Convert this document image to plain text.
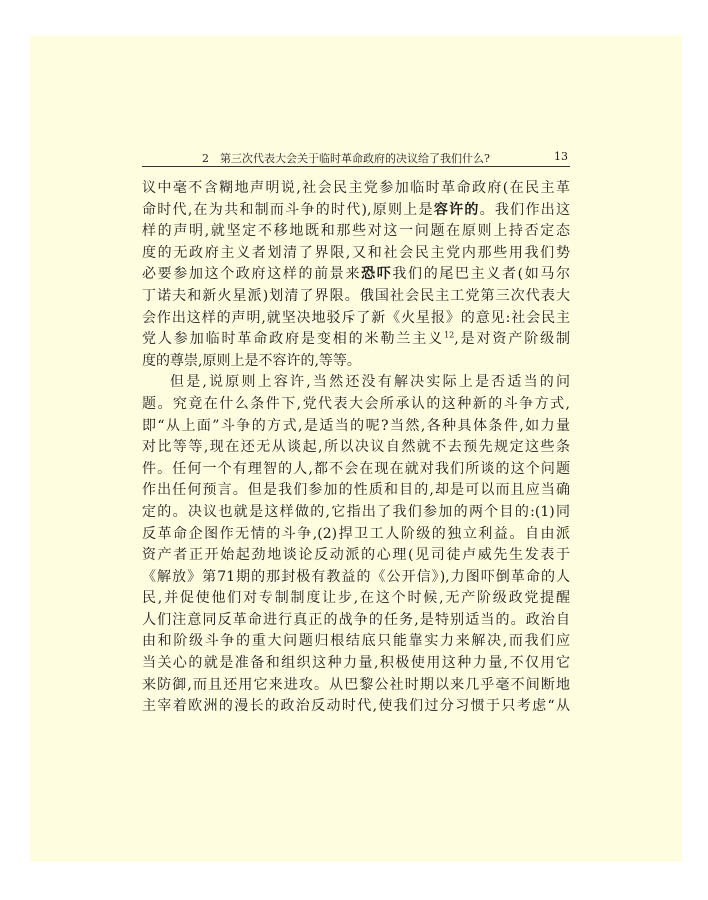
2　第三次代表大会关于临时革命政府的决议给了我们什么?	13
议中毫不含糊地声明说,社会民主党参加临时革命政府(在民主革
命时代,在为共和制而斗争的时代),原则上是容许的。我们作出这
样的声明,就坚定不移地既和那些对这一问题在原则上持否定态
度的无政府主义者划清了界限,又和社会民主党内那些用我们势
必要参加这个政府这样的前景来恐吓我们的尾巴主义者(如马尔
丁诺夫和新火星派)划清了界限。俄国社会民主工党第三次代表大
会作出这样的声明,就坚决地驳斥了新《火星报》的意见:社会民主
党人参加临时革命政府是变相的米勒兰主义$^{12}$,是对资产阶级制
度的尊崇,原则上是不容许的,等等。
但是,说原则上容许,当然还没有解决实际上是否适当的问
题。究竟在什么条件下,党代表大会所承认的这种新的斗争方式,
即“从上面”斗争的方式,是适当的呢?当然,各种具体条件,如力量
对比等等,现在还无从谈起,所以决议自然就不去预先规定这些条
件。任何一个有理智的人,都不会在现在就对我们所谈的这个问题
作出任何预言。但是我们参加的性质和目的,却是可以而且应当确
定的。决议也就是这样做的,它指出了我们参加的两个目的:(1)同
反革命企图作无情的斗争,(2)捍卫工人阶级的独立利益。自由派
资产者正开始起劲地谈论反动派的心理(见司徒卢威先生发表于
《解放》第71期的那封极有教益的《公开信》),力图吓倒革命的人
民,并促使他们对专制制度让步,在这个时候,无产阶级政党提醒
人们注意同反革命进行真正的战争的任务,是特别适当的。政治自
由和阶级斗争的重大问题归根结底只能靠实力来解决,而我们应
当关心的就是准备和组织这种力量,积极使用这种力量,不仅用它
来防御,而且还用它来进攻。从巴黎公社时期以来几乎毫不间断地
主宰着欧洲的漫长的政治反动时代,使我们过分习惯于只考虑“从
